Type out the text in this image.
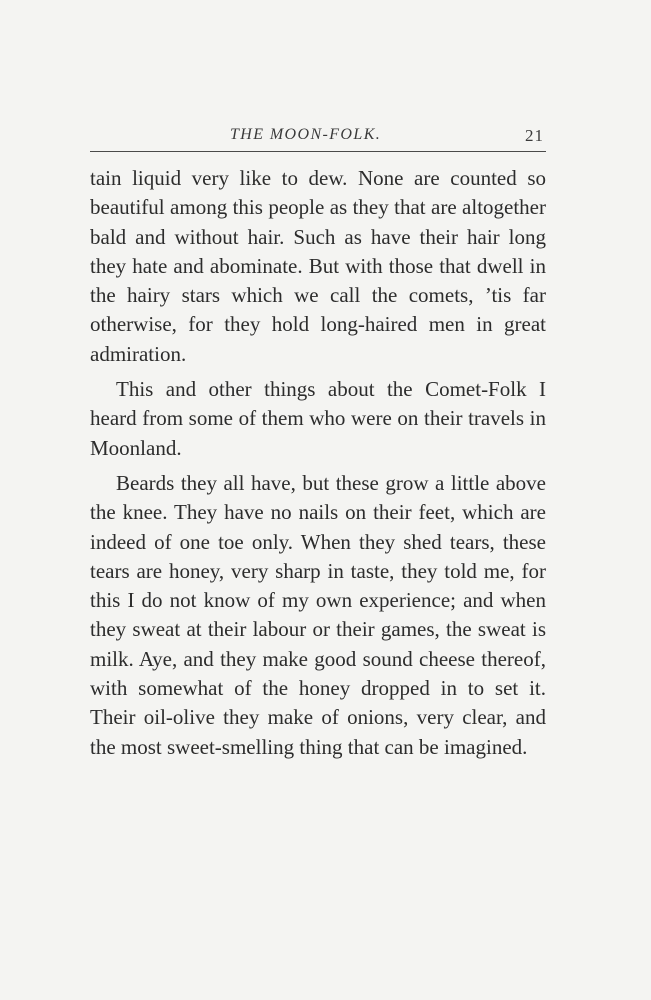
THE MOON-FOLK.	21

tain liquid very like to dew. None are counted so beautiful among this people as they that are altogether bald and without hair. Such as have their hair long they hate and abominate. But with those that dwell in the hairy stars which we call the comets, ’tis far otherwise, for they hold long-haired men in great admiration.

This and other things about the Comet-Folk I heard from some of them who were on their travels in Moonland.

Beards they all have, but these grow a little above the knee. They have no nails on their feet, which are indeed of one toe only. When they shed tears, these tears are honey, very sharp in taste, they told me, for this I do not know of my own experience; and when they sweat at their labour or their games, the sweat is milk. Aye, and they make good sound cheese thereof, with somewhat of the honey dropped in to set it. Their oil-olive they make of onions, very clear, and the most sweet-smelling thing that can be imagined.
